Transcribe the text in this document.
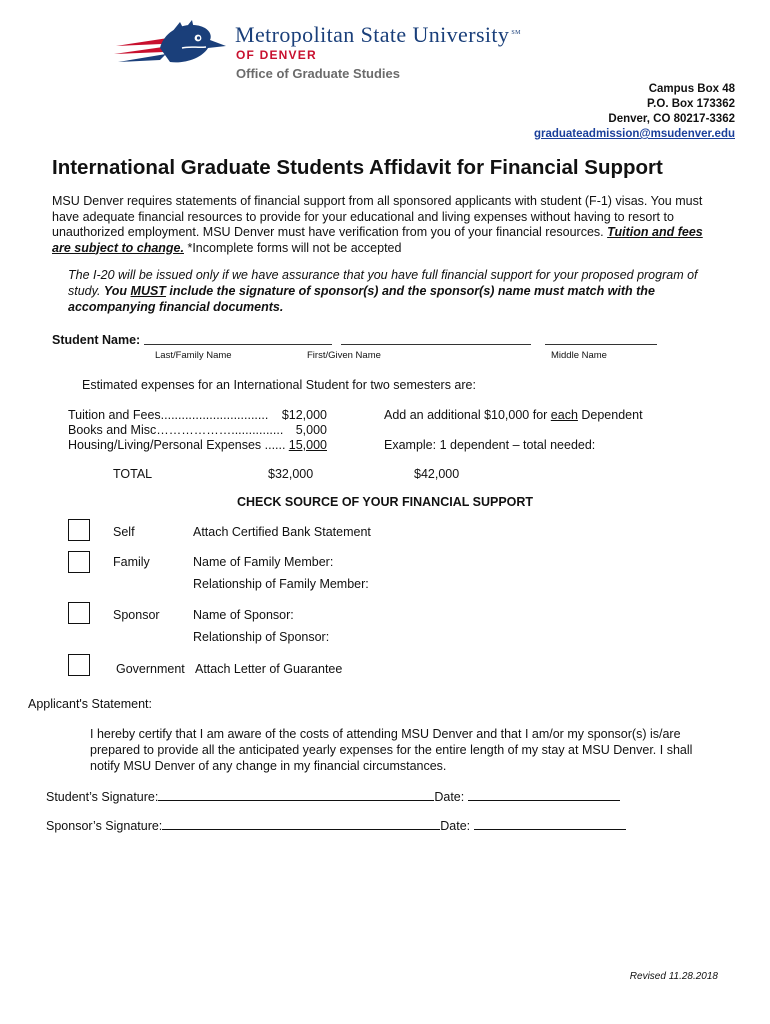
Metropolitan State University ℠
OF DENVER
Office of Graduate Studies
Campus Box 48
P.O. Box 173362
Denver, CO 80217-3362
graduateadmission@msudenver.edu
International Graduate Students Affidavit for Financial Support
MSU Denver requires statements of financial support from all sponsored applicants with student (F-1) visas. You must have adequate financial resources to provide for your educational and living expenses without having to resort to unauthorized employment. MSU Denver must have verification from you of your financial resources. Tuition and fees are subject to change. *Incomplete forms will not be accepted
The I-20 will be issued only if we have assurance that you have full financial support for your proposed program of study. You MUST include the signature of sponsor(s) and the sponsor(s) name must match with the accompanying financial documents.
Student Name:
Last/Family Name	First/Given Name	Middle Name
Estimated expenses for an International Student for two semesters are:
Tuition and Fees...............................	$12,000
Books and Misc………………............... 5,000
Housing/Living/Personal Expenses ...... 15,000
Add an additional $10,000 for each Dependent
Example: 1 dependent – total needed:
TOTAL	$32,000	$42,000
CHECK SOURCE OF YOUR FINANCIAL SUPPORT
Self	Attach Certified Bank Statement
Family	Name of Family Member:
Relationship of Family Member:
Sponsor	Name of Sponsor:
Relationship of Sponsor:
Government Attach Letter of Guarantee
Applicant's Statement:
I hereby certify that I am aware of the costs of attending MSU Denver and that I am/or my sponsor(s) is/are prepared to provide all the anticipated yearly expenses for the entire length of my stay at MSU Denver. I shall notify MSU Denver of any change in my financial circumstances.
Student’s Signature:	Date:
Sponsor’s Signature:	Date:
Revised 11.28.2018
